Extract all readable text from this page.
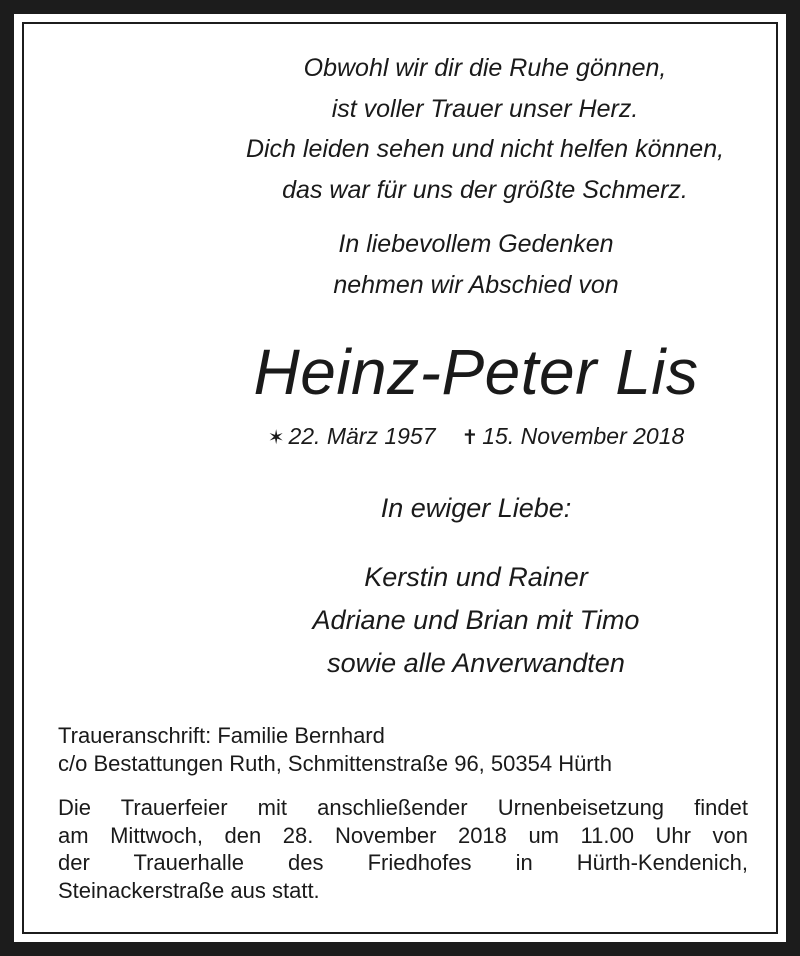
Obwohl wir dir die Ruhe gönnen,
ist voller Trauer unser Herz.
Dich leiden sehen und nicht helfen können,
das war für uns der größte Schmerz.
In liebevollem Gedenken
nehmen wir Abschied von
Heinz-Peter Lis
✶ 22. März 1957 ✝ 15. November 2018
In ewiger Liebe:
Kerstin und Rainer
Adriane und Brian mit Timo
sowie alle Anverwandten
Traueranschrift: Familie Bernhard
c/o Bestattungen Ruth, Schmittenstraße 96, 50354 Hürth
Die Trauerfeier mit anschließender Urnenbeisetzung findet
am Mittwoch, den 28. November 2018 um 11.00 Uhr von
der Trauerhalle des Friedhofes in Hürth-Kendenich,
Steinackerstraße aus statt.
